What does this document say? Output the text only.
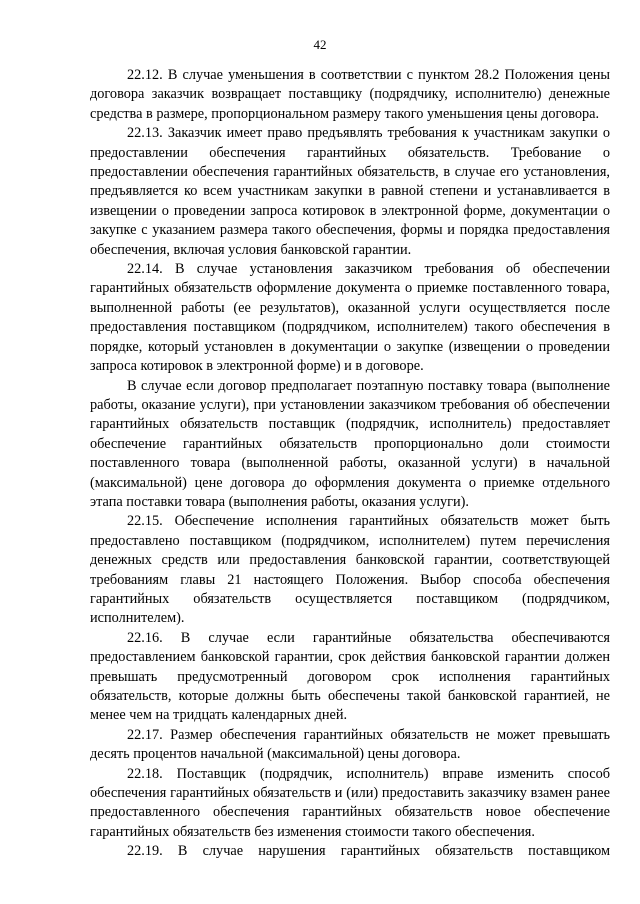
42

22.12. В случае уменьшения в соответствии с пунктом 28.2 Положения цены договора заказчик возвращает поставщику (подрядчику, исполнителю) денежные средства в размере, пропорциональном размеру такого уменьшения цены договора.

22.13. Заказчик имеет право предъявлять требования к участникам закупки о предоставлении обеспечения гарантийных обязательств. Требование о предоставлении обеспечения гарантийных обязательств, в случае его установления, предъявляется ко всем участникам закупки в равной степени и устанавливается в извещении о проведении запроса котировок в электронной форме, документации о закупке с указанием размера такого обеспечения, формы и порядка предоставления обеспечения, включая условия банковской гарантии.

22.14. В случае установления заказчиком требования об обеспечении гарантийных обязательств оформление документа о приемке поставленного товара, выполненной работы (ее результатов), оказанной услуги осуществляется после предоставления поставщиком (подрядчиком, исполнителем) такого обеспечения в порядке, который установлен в документации о закупке (извещении о проведении запроса котировок в электронной форме) и в договоре.

В случае если договор предполагает поэтапную поставку товара (выполнение работы, оказание услуги), при установлении заказчиком требования об обеспечении гарантийных обязательств поставщик (подрядчик, исполнитель) предоставляет обеспечение гарантийных обязательств пропорционально доли стоимости поставленного товара (выполненной работы, оказанной услуги) в начальной (максимальной) цене договора до оформления документа о приемке отдельного этапа поставки товара (выполнения работы, оказания услуги).

22.15. Обеспечение исполнения гарантийных обязательств может быть предоставлено поставщиком (подрядчиком, исполнителем) путем перечисления денежных средств или предоставления банковской гарантии, соответствующей требованиям главы 21 настоящего Положения. Выбор способа обеспечения гарантийных обязательств осуществляется поставщиком (подрядчиком, исполнителем).

22.16. В случае если гарантийные обязательства обеспечиваются предоставлением банковской гарантии, срок действия банковской гарантии должен превышать предусмотренный договором срок исполнения гарантийных обязательств, которые должны быть обеспечены такой банковской гарантией, не менее чем на тридцать календарных дней.

22.17. Размер обеспечения гарантийных обязательств не может превышать десять процентов начальной (максимальной) цены договора.

22.18. Поставщик (подрядчик, исполнитель) вправе изменить способ обеспечения гарантийных обязательств и (или) предоставить заказчику взамен ранее предоставленного обеспечения гарантийных обязательств новое обеспечение гарантийных обязательств без изменения стоимости такого обеспечения.

22.19. В случае нарушения гарантийных обязательств поставщиком
